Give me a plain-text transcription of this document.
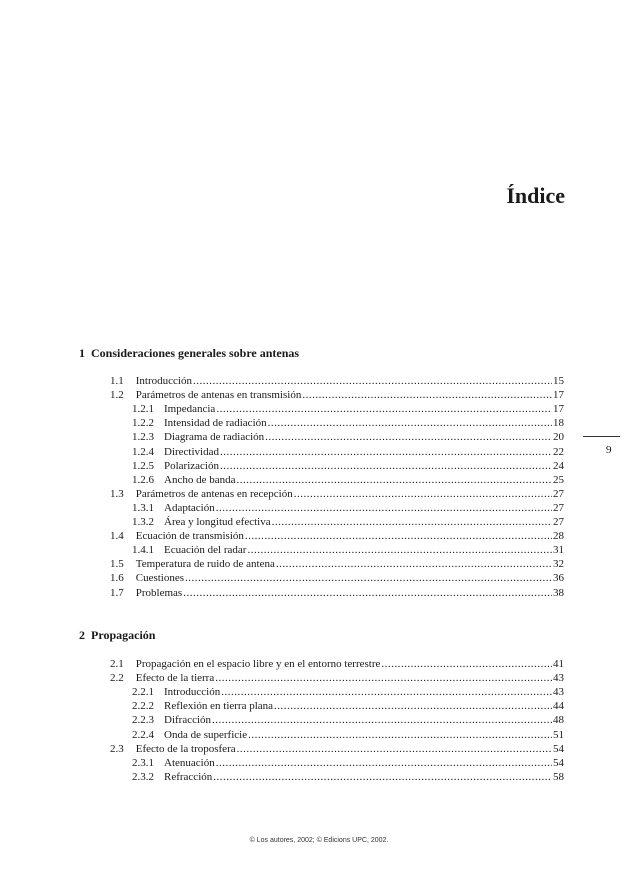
Índice
9
1 Consideraciones generales sobre antenas
2 Propagación
1.1 Introducción .....	15
1.2 Parámetros de antenas en transmisión .....	17
1.2.1 Impedancia .....	17
1.2.2 Intensidad de radiación .....	18
1.2.3 Diagrama de radiación .....	20
1.2.4 Directividad .....	22
1.2.5 Polarización .....	24
1.2.6 Ancho de banda .....	25
1.3 Parámetros de antenas en recepción .....	27
1.3.1 Adaptación .....	27
1.3.2 Área y longitud efectiva .....	27
1.4 Ecuación de transmisión .....	28
1.4.1 Ecuación del radar .....	31
1.5 Temperatura de ruido de antena .....	32
1.6 Cuestiones .....	36
1.7 Problemas .....	38
2.1 Propagación en el espacio libre y en el entorno terrestre .....	41
2.2 Efecto de la tierra .....	43
2.2.1 Introducción .....	43
2.2.2 Reflexión en tierra plana .....	44
2.2.3 Difracción .....	48
2.2.4 Onda de superficie .....	51
2.3 Efecto de la troposfera .....	54
2.3.1 Atenuación .....	54
2.3.2 Refracción .....	58
© Los autores, 2002; © Edicions UPC, 2002.
